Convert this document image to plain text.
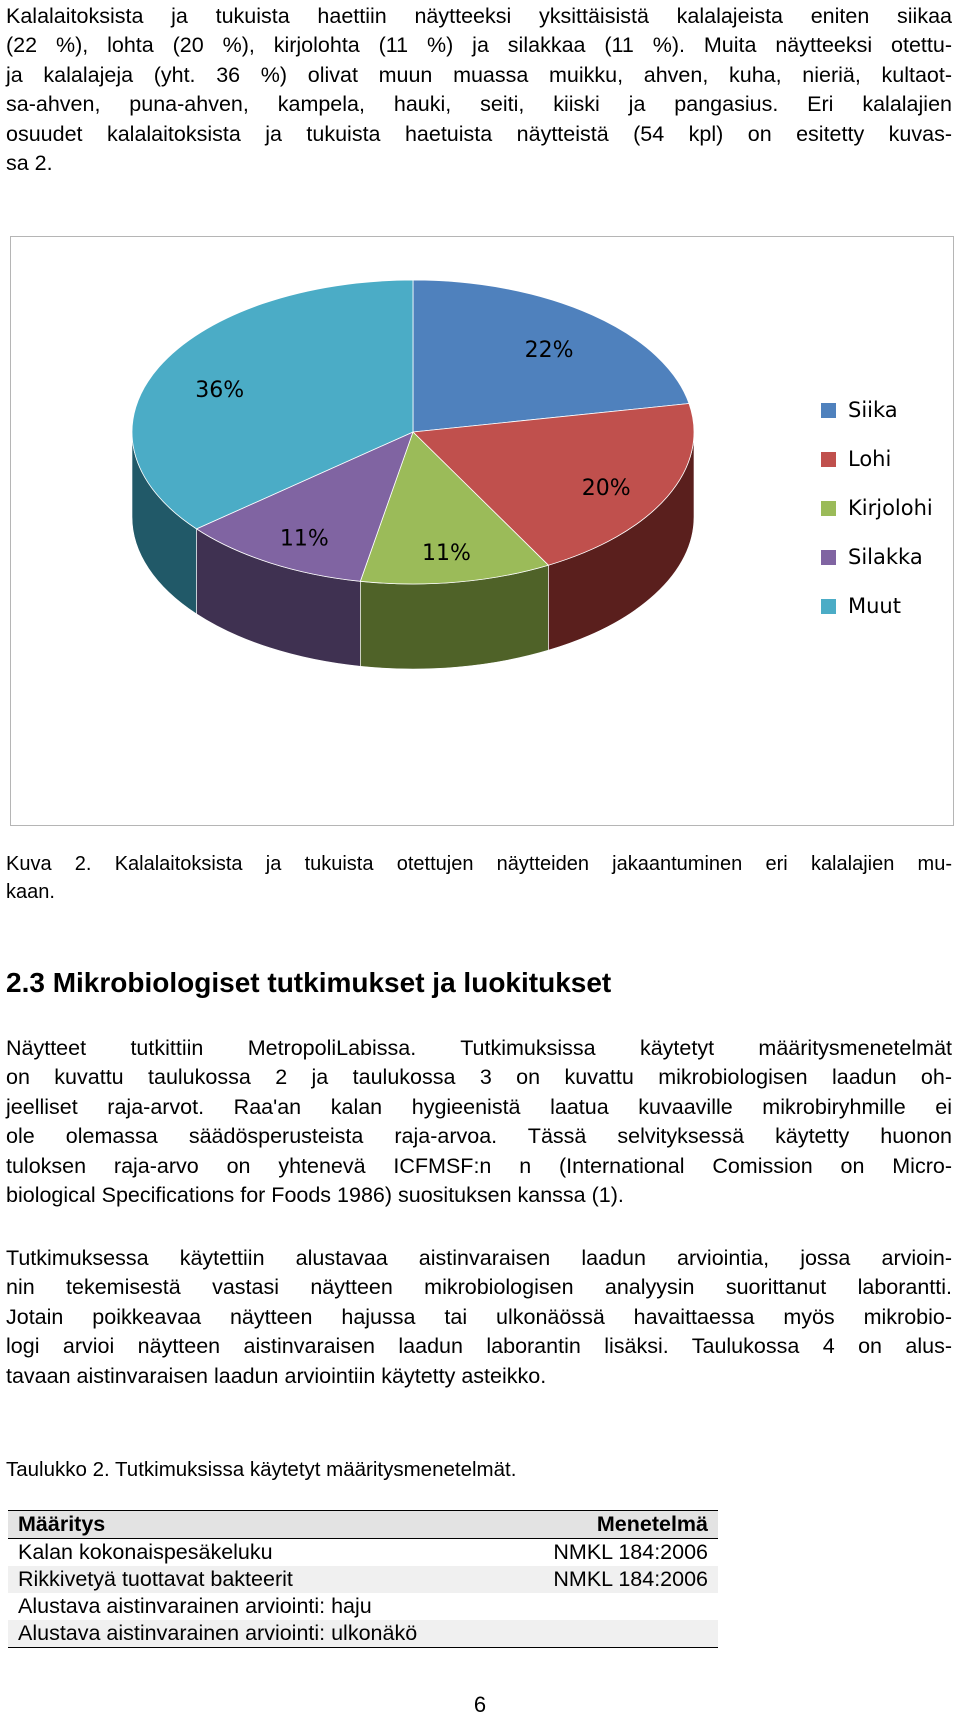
Kalalaitoksista ja tukuista haettiin näytteeksi yksittäisistä kalalajeista eniten siikaa
(22 %), lohta (20 %), kirjolohta (11 %) ja silakkaa (11 %). Muita näytteeksi otettu-
ja kalalajeja (yht. 36 %) olivat muun muassa muikku, ahven, kuha, nieriä, kultaot-
sa-ahven, puna-ahven, kampela, hauki, seiti, kiiski ja pangasius. Eri kalalajien
osuudet kalalaitoksista ja tukuista haetuista näytteistä (54 kpl) on esitetty kuvas-
sa 2.

22%
20%
11%
11%
36%
Siika
Lohi
Kirjolohi
Silakka
Muut

Kuva 2. Kalalaitoksista ja tukuista otettujen näytteiden jakaantuminen eri kalalajien mu-
kaan.

2.3 Mikrobiologiset tutkimukset ja luokitukset

Näytteet tutkittiin MetropoliLabissa. Tutkimuksissa käytetyt määritysmenetelmät
on kuvattu taulukossa 2 ja taulukossa 3 on kuvattu mikrobiologisen laadun oh-
jeelliset raja-arvot. Raa'an kalan hygieenistä laatua kuvaaville mikrobiryhmille ei
ole olemassa säädösperusteista raja-arvoa. Tässä selvityksessä käytetty huonon
tuloksen raja-arvo on yhtenevä ICFMSF:n n (International Comission on Micro-
biological Specifications for Foods 1986) suosituksen kanssa (1).

Tutkimuksessa käytettiin alustavaa aistinvaraisen laadun arviointia, jossa arvioin-
nin tekemisestä vastasi näytteen mikrobiologisen analyysin suorittanut laborantti.
Jotain poikkeavaa näytteen hajussa tai ulkonäössä havaittaessa myös mikrobio-
logi arvioi näytteen aistinvaraisen laadun laborantin lisäksi. Taulukossa 4 on alus-
tavaan aistinvaraisen laadun arviointiin käytetty asteikko.

Taulukko 2. Tutkimuksissa käytetyt määritysmenetelmät.

Määritys	Menetelmä
Kalan kokonaispesäkeluku	NMKL 184:2006
Rikkivetyä tuottavat bakteerit	NMKL 184:2006
Alustava aistinvarainen arviointi: haju	
Alustava aistinvarainen arviointi: ulkonäkö	
6
